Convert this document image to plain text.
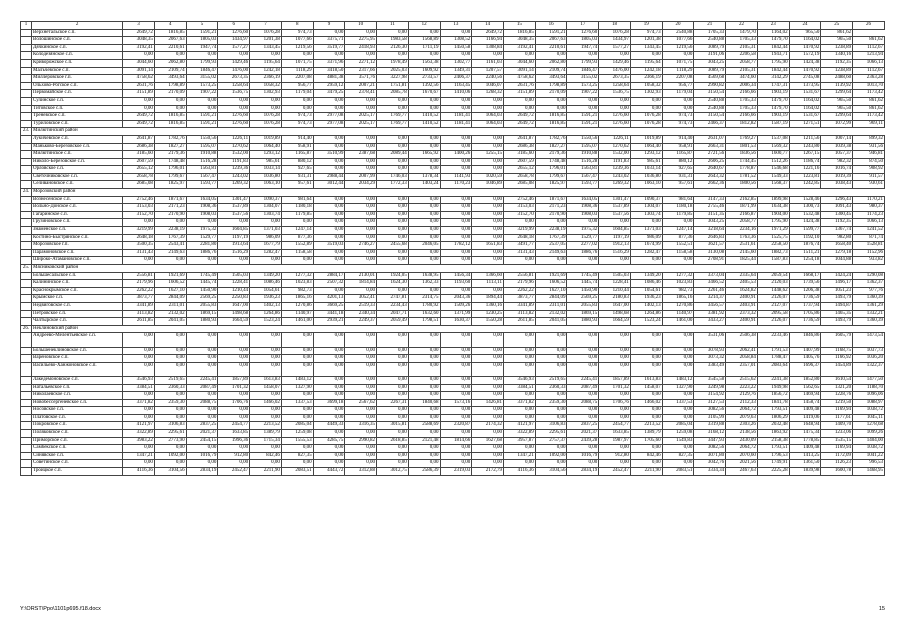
1	2	3	4	5	6	7	8	9	10	11	12	13	14	15	16	17	18	19	20	21	22	23	24	25	26
	Верхнетальское с.п.	2649,72	1816,85	1591,21	1276,60	1076,28	974,73	0,00	0,00	0,00	0,00	0,00	2649,72	1816,85	1591,21	1276,60	1076,28	974,73	2540,88	1705,33	1479,70	1164,02	965,50	861,62	
	Волошинское с.п.	3048,35	2067,63	1805,03	1434,97	1201,38	1077,66	3375,71	2275,95	1983,58	1568,89	1308,52	1166,94	3048,35	2067,63	1805,03	1434,97	1201,38	1077,66	2540,88	1705,33	1479,70	1164,02	965,50	861,62
	Дячкинское с.п.	3192,41	2210,61	1947,74	1577,27	1343,45	1219,56	3519,77	2418,93	2126,30	1711,19	1450,58	1308,84	3192,41	2210,61	1947,74	1577,27	1343,45	1219,56	3089,79	2105,31	1842,44	1470,92	1238,89	1112,67
	Колодезянское с.п.	0,00	0,00	0,00	0,00	0,00	0,00	0,00	0,00	0,00	0,00	0,00	0,00	0,00	0,00	0,00	0,00	0,00	0,00	3191,06	2206,58	1943,71	1572,19	1340,16	1213,94
	Криворожское с.п.	3044,60	2062,80	1799,93	1429,46	1195,64	1071,75	3371,96	2271,12	1978,49	1563,38	1302,77	1161,03	3044,60	2062,80	1799,93	1429,46	1195,64	1071,75	3043,25	2058,77	1795,90	1424,38	1192,35	1066,13
	Малъчевское с.п.	3091,14	2109,74	1846,47	1476,00	1242,18	1118,29	3418,50	2317,66	2025,03	1609,92	1349,31	1207,57	3091,14	2109,74	1846,47	1476,00	1242,18	1118,29	3089,79	2105,31	1842,44	1470,92	1238,89	1112,67
	Миллеровское г.п.	4758,62	3493,64	3155,02	2673,35	2366,19	2207,08	4881,38	3571,76	3227,98	2733,57	2406,37	2240,56	4758,62	3493,64	3155,02	2673,35	2366,19	2207,08	4569,68	3474,60	3142,29	2745,08	2488,60	2363,28
	Ольхово-Рогское с.п.	2631,76	1798,89	1573,25	1258,64	1058,32	956,77	2959,12	2007,21	1751,81	1392,56	1163,45	1046,07	2631,76	1798,89	1573,25	1258,64	1058,32	956,77	2990,82	2006,34	1747,31	1373,95	1139,92	1013,70
	Первомайское с.п.	3151,89	2170,09	1907,22	1536,75	1302,93	1179,04	3479,25	2378,41	2085,78	1670,67	1410,06	1268,32	3151,89	2170,09	1907,22	1536,75	1302,93	1179,04	3150,54	2166,66	1903,19	1531,67	1299,64	1173,42
	Сулинское с.п.	0,00	0,00	0,00	0,00	0,00	0,00	0,00	0,00	0,00	0,00	0,00	0,00	0,00	0,00	0,00	0,00	0,00	0,00	2540,88	1705,33	1479,70	1164,02	965,50	861,62
	Титовское с.п.	0,00	0,00	0,00	0,00	0,00	0,00	0,00	0,00	0,00	0,00	0,00	0,00	0,00	0,00	0,00	0,00	0,00	0,00	2540,88	1705,33	1479,70	1164,02	965,50	861,62
	Треневское с.п.	2649,72	1816,85	1591,21	1276,60	1076,28	974,73	2977,08	2025,17	1769,77	1410,52	1181,41	1064,03	2649,72	1816,85	1591,21	1276,60	1076,28	974,73	3150,54	2166,66	1903,19	1531,67	1299,64	1173,42
	Туриловское с.п.	2649,72	1816,85	1591,21	1276,60	1076,28	974,73	2977,08	2025,17	1769,77	1410,52	1181,41	1064,03	2649,72	1816,85	1591,21	1276,60	1076,28	974,73	2466,37	1812,82	1587,19	1271,51	1072,99	969,11
23.	Милютинский район																								
	Лукичевское с.п.	2641,87	1782,76	1550,56	1226,11	1019,89	914,40	0,00	0,00	0,00	0,00	0,00	0,00	2641,87	1782,76	1550,56	1226,11	1019,89	914,40	2631,07	1769,27	1537,08	1211,56	1007,14	899,32
	Маньково-Березовское с.п.	2686,38	1827,27	1595,07	1270,62	1064,40	958,91	0,00	0,00	0,00	0,00	0,00	0,00	2686,38	1827,27	1595,07	1270,62	1064,40	958,91	2663,31	1801,53	1569,32	1243,80	1039,38	931,56
	Милютинское с.п.	3185,60	2179,36	1910,88	1532,00	1293,12	1165,87	3510,99	2387,68	2089,44	1665,92	1400,26	1255,15	3185,60	2179,36	1910,88	1532,00	1293,12	1165,87	2721,56	1836,56	1600,77	1267,15	1057,37	946,81
	Николо-Березовское с.п.	2607,59	1748,48	1516,28	1191,83	985,61	880,12	0,00	0,00	0,00	0,00	0,00	0,00	2607,59	1748,48	1516,28	1191,83	985,61	880,12	2606,25	1744,45	1512,26	1186,74	982,32	874,50
	Орловское с.п.	2655,12	1796,01	1563,81	1239,36	1033,14	927,65	0,00	0,00	0,00	0,00	0,00	0,00	2655,12	1796,01	1563,81	1239,36	1033,14	927,65	2640,67	1778,87	1546,68	1221,16	1016,74	908,92
	Светочниковское с.п.	2658,78	1799,67	1567,47	1243,02	1036,80	931,31	2988,44	2007,99	1746,03	1378,34	1141,93	1020,59	2658,78	1799,67	1567,47	1243,02	1036,80	931,31	2643,32	1781,52	1549,33	1223,81	1019,39	911,57
	Селивановское с.п.	2685,08	1825,97	1593,77	1269,32	1063,10	957,61	3012,44	2034,29	1772,33	1403,24	1170,23	1046,89	2685,08	1825,97	1593,77	1269,32	1063,10	957,61	2662,36	1800,56	1568,37	1242,85	1038,43	930,61
24.	Морозовский район																								
	Вознесенское с.п.	2752,46	1871,67	1634,05	1301,47	1090,37	981,64	0,00	0,00	0,00	0,00	0,00	0,00	2752,46	1871,67	1634,05	1301,47	1090,37	981,64	3147,33	2162,85	1899,98	1528,46	1296,43	1170,21
	Вольно-Донское с.п.	3153,03	2171,23	1908,36	1537,89	1304,07	1180,18	0,00	0,00	0,00	0,00	0,00	0,00	3153,03	2171,23	1908,36	1537,89	1304,07	1180,18	2755,46	1871,99	1634,38	1300,73	1091,43	980,37
	Гагаринское с.п.	3152,70	2170,90	1908,03	1537,56	1303,74	1179,85	0,00	0,00	0,00	0,00	0,00	0,00	3152,70	2170,90	1908,03	1537,56	1303,74	1179,85	3151,35	2166,87	1904,00	1532,48	1300,45	1174,23
	Грузиновское с.п.	0,00	0,00	0,00	0,00	0,00	0,00	0,00	0,00	0,00	0,00	0,00	0,00	0,00	0,00	0,00	0,00	0,00	0,00	3043,25	2058,77	1795,90	1424,38	1192,35	1066,13
	Знаменское с.п.	3219,99	2238,19	1975,32	1604,85	1371,03	1247,14	0,00	0,00	0,00	0,00	0,00	0,00	3219,99	2238,19	1975,32	1604,85	1371,03	1247,14	3218,64	2234,16	1971,29	1599,77	1367,74	1241,52
	Костино-Быстрянское с.п.	2648,18	1767,39	1529,77	1197,19	986,09	877,36	0,00	0,00	0,00	0,00	0,00	0,00	2648,18	1767,39	1529,77	1197,19	986,09	877,36	2646,83	1763,36	1525,75	1192,10	982,80	871,74
	Морозовское г.п.	3500,35	2543,41	2281,80	1913,64	1677,79	1552,89	3519,03	2746,27	2455,68	2046,05	1782,12	1651,83	3491,77	2537,05	2277,02	1912,13	1674,99	1552,51	3621,57	2531,61	2258,50	1876,74	1658,40	1528,81
	Парамоновское с.п.	3131,43	2149,63	1886,76	1516,29	1282,47	1158,58	0,00	0,00	0,00	0,00	0,00	0,00	3131,43	2149,63	1886,76	1516,29	1282,47	1158,58	3130,08	2145,60	1882,73	1511,21	1279,18	1152,96
	Широко-Атамановское с.п.	0,00	0,00	0,00	0,00	0,00	0,00	0,00	0,00	0,00	0,00	0,00	0,00	0,00	0,00	0,00	0,00	0,00	0,00	2708,91	1825,44	1587,83	1254,18	1044,88	933,82
25.	Мясниковский район																								
	Большесальское с.п.	2556,81	1921,69	1745,49	1505,03	1349,20	1277,32	2884,17	2130,01	1924,05	1638,95	1456,34	1366,60	2556,81	1921,69	1745,49	1505,03	1349,20	1277,32	3373,04	2335,64	2059,54	1668,17	1424,24	1290,08
	Калининское с.п.	2179,96	1606,52	1445,74	1228,41	1086,46	1023,83	2507,32	1814,84	1624,30	1362,33	1193,60	1113,11	2179,96	1606,52	1445,74	1228,41	1086,46	1023,83	3466,52	2405,53	2120,03	1739,56	1496,17	1362,37
	Краснокрымское с.п.	2262,22	1627,10	1450,90	1210,44	1054,61	982,73	0,00	0,00	0,00	0,00	0,00	0,00	2262,22	1627,10	1450,90	1210,44	1054,61	982,73	2261,46	1624,82	1448,62	1206,38	1051,23	977,76
	Крымское с.п.	3873,77	2844,09	2569,25	2250,83	1936,23	1865,16	4201,13	3052,41	2747,81	2314,75	2043,36	1894,44	3873,77	2844,09	2569,25	2180,83	1936,23	1865,16	3214,37	2400,91	2126,07	1736,59	1493,79	1360,39
	Недвиговское с.п.	3341,89	2311,01	2055,83	1647,00	1402,13	1270,86	3669,25	2519,33	2234,43	1780,92	1509,26	1360,16	3341,89	2311,01	2055,83	1647,00	1402,13	1270,86	3456,57	2403,91	2127,07	1737,94	1494,87	1361,29
	Петровское с.п.	3113,82	2132,02	1869,15	1498,68	1264,86	1140,97	3441,18	2340,34	2047,71	1632,60	1371,99	1230,25	3113,82	2132,02	1869,15	1498,68	1264,86	1140,97	3381,92	2373,32	2095,58	1705,86	1465,35	1332,21
	Чалтырское с.п.	2611,85	2041,05	1880,93	1664,59	1523,24	1461,00	2939,21	2249,37	2059,49	1798,51	1630,37	1550,28	2611,85	2041,05	1880,93	1664,59	1523,24	1461,00	3433,27	2400,91	2126,07	1736,59	1493,79	1360,39
26.	Неклиновский район																								
	Андреево-Мелентьевское с.п.	0,00	0,00	0,00	0,00	0,00	0,00	0,00	0,00	0,00	0,00	0,00	0,00	0,00	0,00	0,00	0,00	0,00	0,00	3531,06	2506,38	2233,46	1846,86	1605,79	1473,54
	Большенеклиновское с.п.	0,00	0,00	0,00	0,00	0,00	0,00	0,00	0,00	0,00	0,00	0,00	0,00	0,00	0,00	0,00	0,00	0,00	0,00	3078,93	2062,41	1791,53	1407,99	1168,75	1037,73
	Вареновское с.п.	0,00	0,00	0,00	0,00	0,00	0,00	0,00	0,00	0,00	0,00	0,00	0,00	0,00	0,00	0,00	0,00	0,00	0,00	3073,32	2058,84	1788,47	1405,76	1166,92	1036,20
	Васильево-Ханжоновское с.п.	0,00	0,00	0,00	0,00	0,00	0,00	0,00	0,00	0,00	0,00	0,00	0,00	0,00	0,00	0,00	0,00	0,00	0,00	3383,49	2357,01	2083,64	1696,37	1454,89	1322,37
	Лакедемоновское с.п.	3546,93	2519,65	2245,41	1857,89	1613,83	1483,12	0,00	0,00	0,00	0,00	0,00	0,00	3546,93	2519,65	2245,41	1857,89	1613,83	1483,12	3545,58	2515,62	2241,38	1852,80	1610,54	1477,50
	Натальевское с.п.	3384,51	2360,33	2087,49	1701,32	1458,07	1327,90	0,00	0,00	0,00	0,00	0,00	0,00	3384,51	2360,33	2087,49	1701,32	1458,07	1327,90	3249,98	2223,22	1949,98	1562,65	1321,20	1188,70
	Николаевское с.п.	0,00	0,00	0,00	0,00	0,00	0,00	0,00	0,00	0,00	0,00	0,00	0,00	0,00	0,00	0,00	0,00	0,00	0,00	3154,92	2129,76	1856,72	1469,94	1228,76	1096,06
	Новобессергеневское с.п.	3371,82	2359,30	2088,75	1706,76	1466,02	1337,53	3699,18	2567,62	2267,31	1840,68	1573,16	1426,81	3371,82	2359,30	2088,75	1706,76	1466,02	1337,53	3127,53	2112,33	1841,78	1458,74	1219,50	1088,97
	Носовское с.п.	0,00	0,00	0,00	0,00	0,00	0,00	0,00	0,00	0,00	0,00	0,00	0,00	0,00	0,00	0,00	0,00	0,00	0,00	3082,56	2064,72	1793,51	1409,48	1169,94	1038,72
	Платовское с.п.	0,00	0,00	0,00	0,00	0,00	0,00	0,00	0,00	0,00	0,00	0,00	0,00	0,00	0,00	0,00	0,00	0,00	0,00	3105,99	2079,63	1806,29	1419,06	1177,61	1045,11
	Покровское с.п.	4121,97	3106,83	2837,25	2454,77	2213,52	2085,04	4449,33	3316,35	3015,81	2588,69	2320,87	2174,32	4121,97	3106,83	2837,25	2454,77	2213,52	2085,04	3319,88	2303,26	2032,48	1648,94	1409,70	1278,68
	Поляковское с.п.	3322,89	2295,61	2021,37	1633,85	1389,79	1259,08	0,00	0,00	0,00	0,00	0,00	0,00	3322,89	2295,61	2021,37	1633,85	1389,79	1259,08	3168,12	2138,56	1863,92	1475,34	1233,06	1099,26
	Приморское с.п.	3983,22	2773,90	2454,15	1996,36	1715,34	1555,53	4285,75	2990,82	2618,85	2121,48	1814,66	1627,68	3957,87	2757,37	2439,28	1987,97	1705,60	1549,83	3447,93	2430,09	2158,38	1778,85	1535,15	1404,00
	Самбекское с.п.	0,00	0,00	0,00	0,00	0,00	0,00	0,00	0,00	0,00	0,00	0,00	0,00	0,00	0,00	0,00	0,00	0,00	0,00	3082,56	2064,72	1793,51	1409,48	1169,94	1038,72
	Синявское с.п.	1347,21	1092,00	1016,79	912,80	842,46	827,35	0,00	0,00	0,00	0,00	0,00	0,00	1347,21	1092,00	1016,79	912,80	842,46	827,35	3071,80	2070,60	1796,53	1413,25	1172,09	1041,22
	Советинское с.п.	0,00	0,00	0,00	0,00	0,00	0,00	0,00	0,00	0,00	0,00	0,00	0,00	0,00	0,00	0,00	0,00	0,00	0,00	3042,76	2021,56	1749,91	1361,50	1126,23	996,53
	Троицкое с.п.	4116,36	3104,56	2834,19	2452,47	2211,90	2083,51	4443,72	3312,88	3012,75	2586,39	2319,03	2172,79	4116,36	3104,56	2834,19	2452,47	2211,90	2083,51	3334,34	2467,63	2225,28	1839,98	1600,78	1468,95
Y:\ORST\Ppo\1101p695.f18.docx	15
